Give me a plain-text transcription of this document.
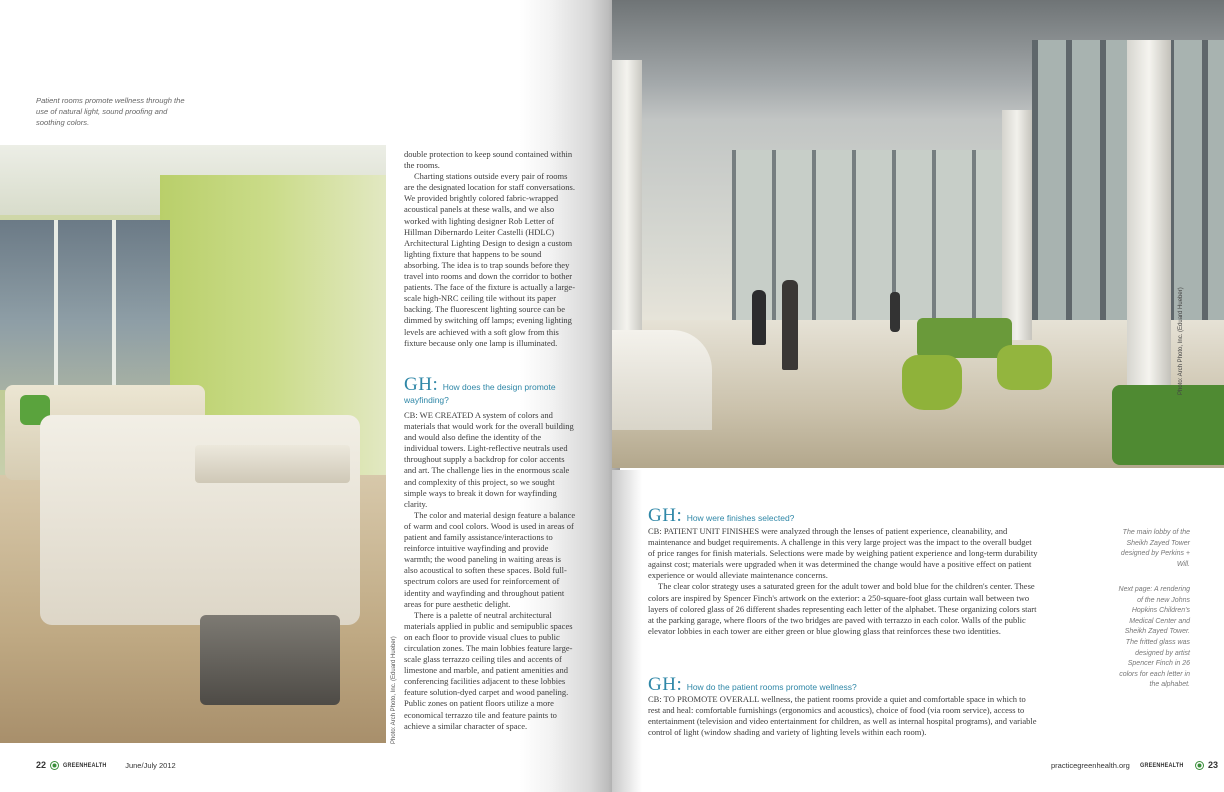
Patient rooms promote wellness through the use of natural light, sound proofing and soothing colors.
Photo: Arch Photo, Inc. (Eduard Hueber)

double protection to keep sound contained within the rooms.

Charting stations outside every pair of rooms are the designated location for staff conversations. We provided brightly colored fabric-wrapped acoustical panels at these walls, and we also worked with lighting designer Rob Letter of Hillman Dibernardo Leiter Castelli (HDLC) Architectural Lighting Design to design a custom lighting fixture that happens to be sound absorbing. The idea is to trap sounds before they travel into rooms and down the corridor to bother patients. The face of the fixture is actually a large-scale high-NRC ceiling tile without its paper backing. The fluorescent lighting source can be dimmed by switching off lamps; evening lighting levels are achieved with a soft glow from this fixture because only one lamp is illuminated.

GH: How does the design promote wayfinding?

CB: WE CREATED A system of colors and materials that would work for the overall building and would also define the identity of the individual towers. Light-reflective neutrals used throughout supply a backdrop for color accents and art. The challenge lies in the enormous scale and complexity of this project, so we sought simple ways to break it down for wayfinding clarity.

The color and material design feature a balance of warm and cool colors. Wood is used in areas of patient and family assistance/interactions to reinforce intuitive wayfinding and provide warmth; the wood paneling in waiting areas is also acoustical to soften these spaces. Bold full-spectrum colors are used for reinforcement of identity and wayfinding and throughout patient areas for pure aesthetic delight.

There is a palette of neutral architectural materials applied in public and semipublic spaces on each floor to provide visual clues to public circulation zones. The main lobbies feature large-scale glass terrazzo ceiling tiles and accents of limestone and marble, and patient amenities and conferencing facilities adjacent to these lobbies feature solution-dyed carpet and wood paneling. Public zones on patient floors utilize a more economical terrazzo tile and feature paints to achieve a similar character of space.

22	GREENHEALTH June/July 2012
Photo: Arch Photo, Inc. (Eduard Hueber)
GH: How were finishes selected?

CB: PATIENT UNIT FINISHES were analyzed through the lenses of patient experience, cleanability, and maintenance and budget requirements. A challenge in this very large project was the impact to the overall budget of price ranges for finish materials. Selections were made by weighing patient experience and long-term durability against cost; materials were upgraded when it was determined the change would have a positive effect on patient experience or would alleviate maintenance concerns.

The clear color strategy uses a saturated green for the adult tower and bold blue for the children's center. These colors are inspired by Spencer Finch's artwork on the exterior: a 250-square-foot glass curtain wall between two layers of colored glass of 26 different shades representing each letter of the alphabet. These organizing colors start at the parking garage, where floors of the two bridges are paved with terrazzo in each color. Walls of the public elevator lobbies in each tower are either green or blue glowing glass that reinforces these two identities.

GH: How do the patient rooms promote wellness?

CB: TO PROMOTE OVERALL wellness, the patient rooms provide a quiet and comfortable space in which to rest and heal: comfortable furnishings (ergonomics and acoustics), choice of food (via room service), access to entertainment (television and video entertainment for children, as well as internal hospital programs), and variable control of light (window shading and variety of lighting levels within each room).

The main lobby of the Sheikh Zayed Tower designed by Perkins + Will.
Next page: A rendering of the new Johns Hopkins Children's Medical Center and Sheikh Zayed Tower. The fritted glass was designed by artist Spencer Finch in 26 colors for each letter in the alphabet.
practicegreenhealth.org GREENHEALTH	23
